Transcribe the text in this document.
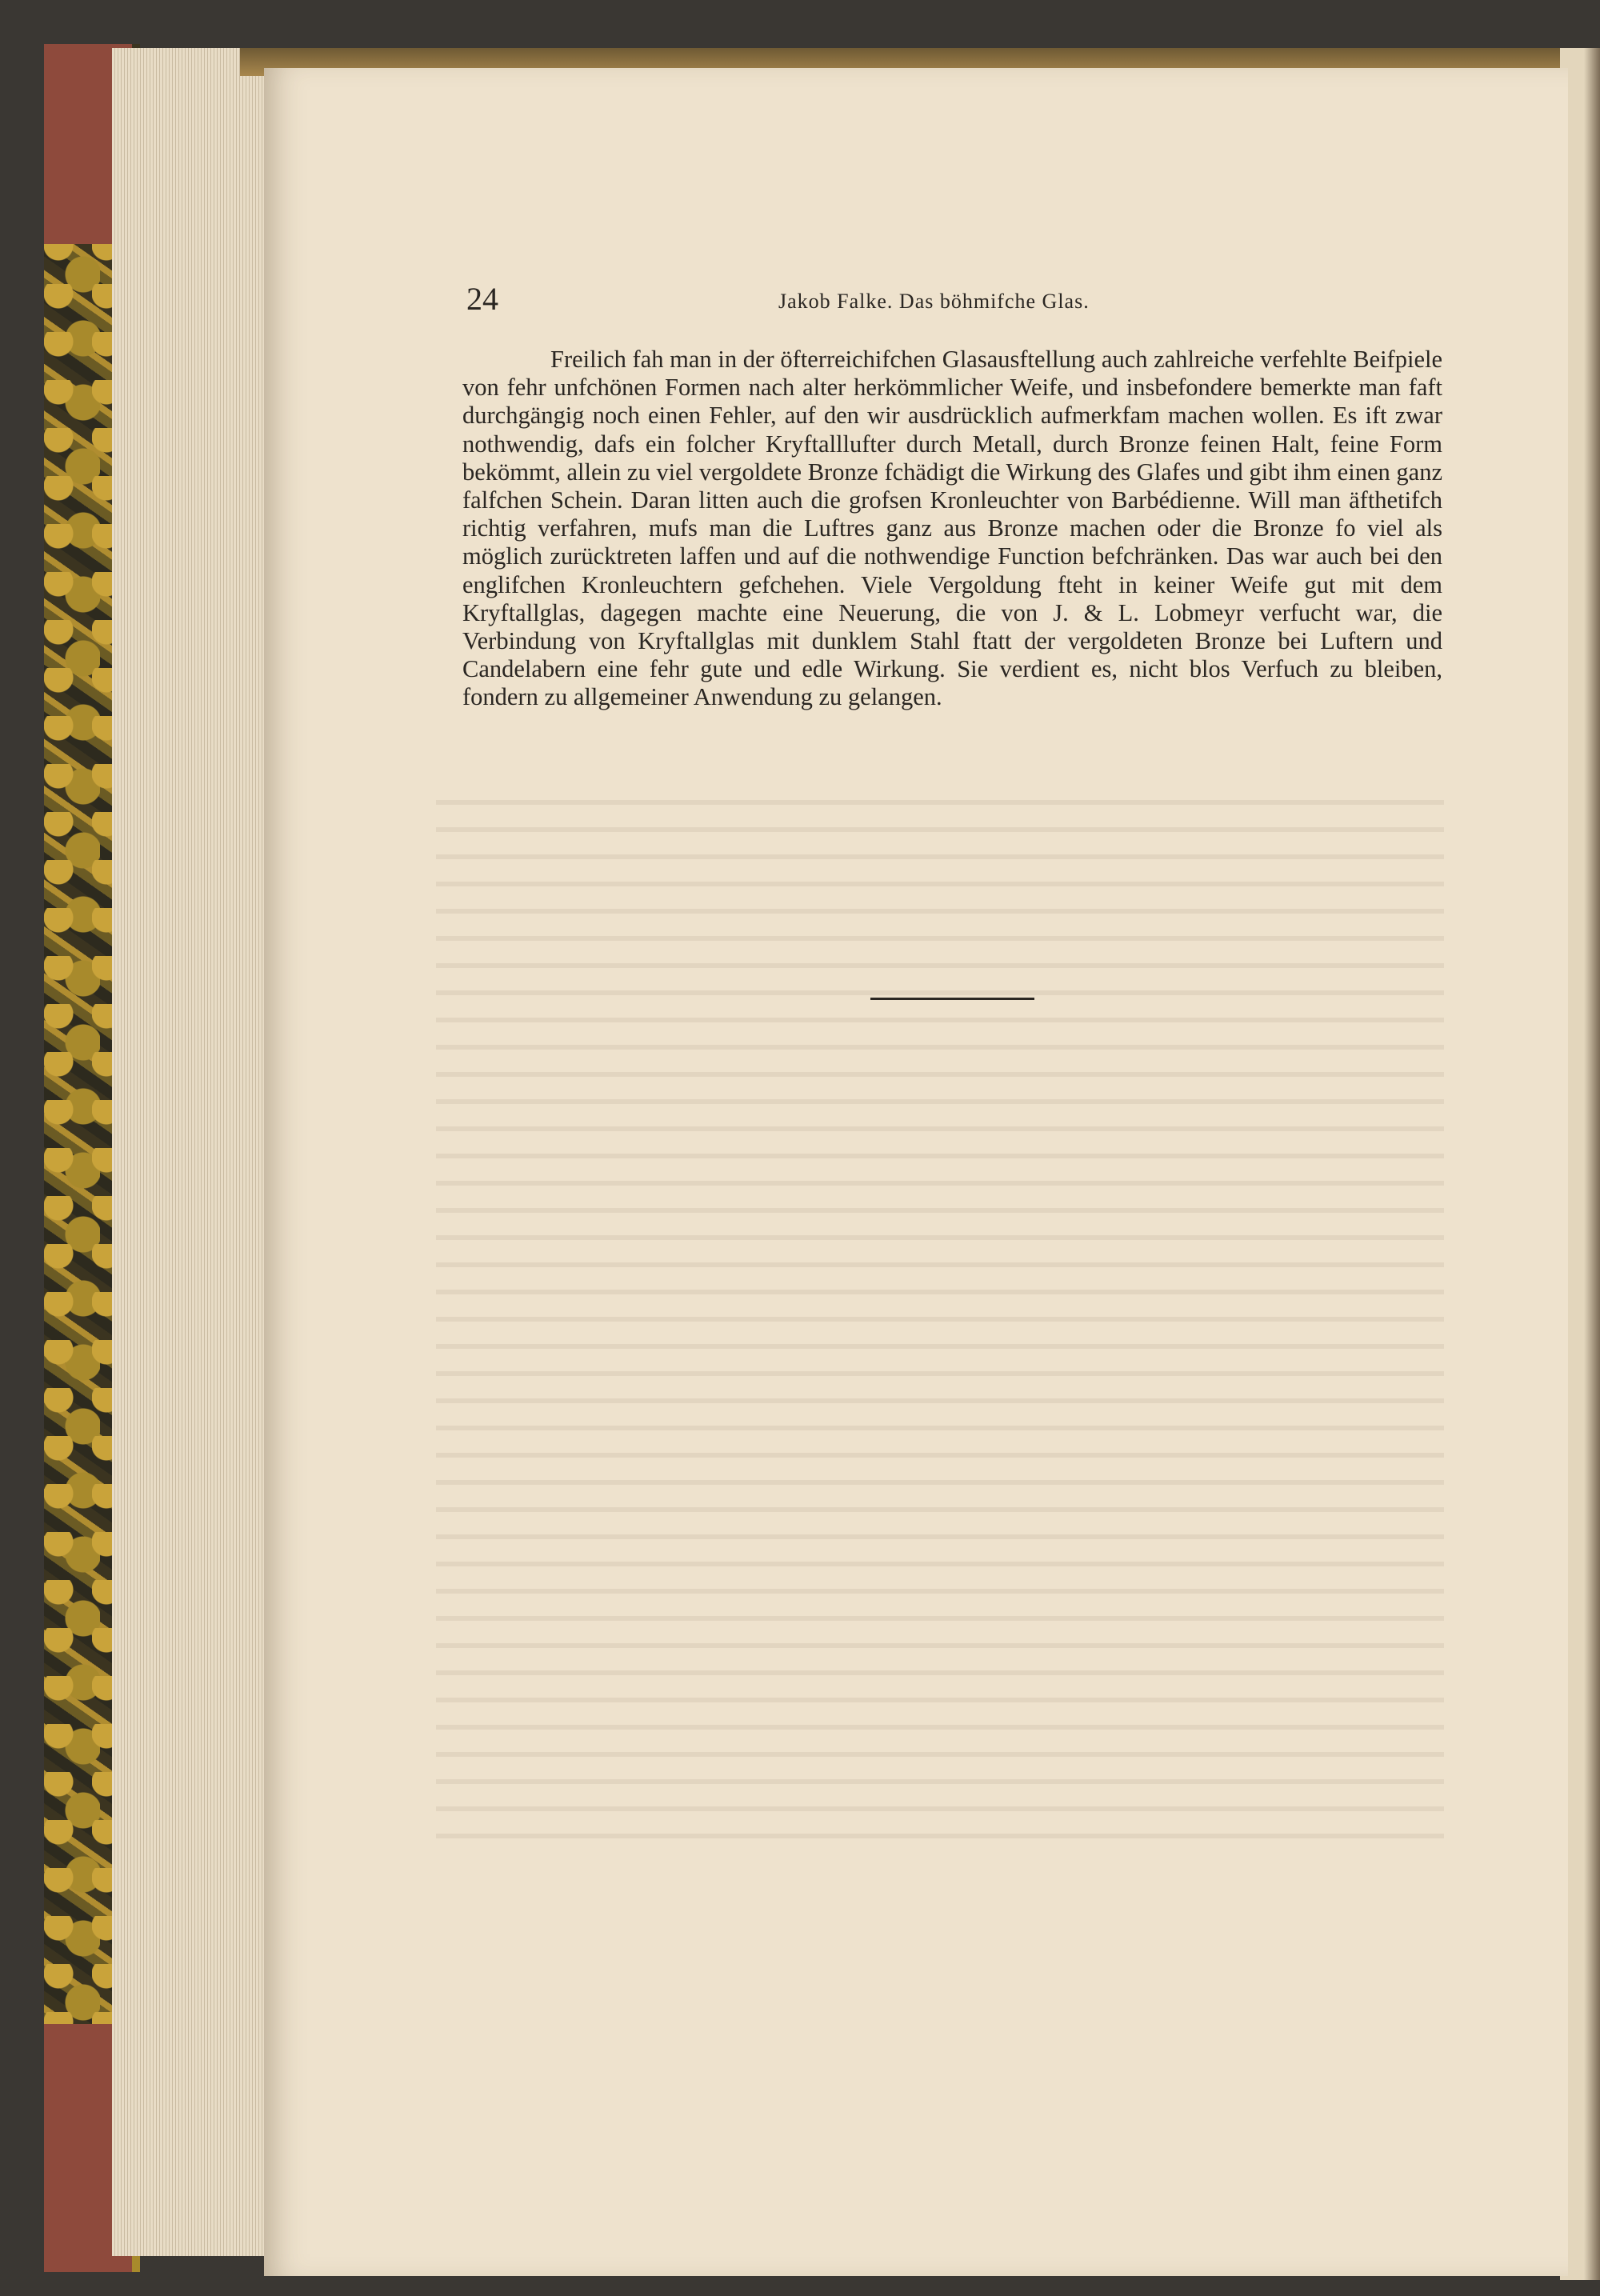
24	Jakob Falke. Das böhmifche Glas.

Freilich fah man in der öfterreichifchen Glasausftellung auch zahlreiche verfehlte Beifpiele von fehr unfchönen Formen nach alter herkömmlicher Weife, und insbefondere bemerkte man faft durchgängig noch einen Fehler, auf den wir ausdrücklich aufmerkfam machen wollen. Es ift zwar nothwendig, dafs ein folcher Kryftalllufter durch Metall, durch Bronze feinen Halt, feine Form bekömmt, allein zu viel vergoldete Bronze fchädigt die Wirkung des Glafes und gibt ihm einen ganz falfchen Schein. Daran litten auch die grofsen Kronleuchter von Barbédienne. Will man äfthetifch richtig verfahren, mufs man die Luftres ganz aus Bronze machen oder die Bronze fo viel als möglich zurücktreten laffen und auf die nothwendige Function befchränken. Das war auch bei den englifchen Kronleuchtern gefchehen. Viele Vergoldung fteht in keiner Weife gut mit dem Kryftallglas, dagegen machte eine Neuerung, die von J. & L. Lobmeyr verfucht war, die Verbindung von Kryftallglas mit dunklem Stahl ftatt der vergoldeten Bronze bei Luftern und Candelabern eine fehr gute und edle Wirkung. Sie verdient es, nicht blos Verfuch zu bleiben, fondern zu allgemeiner Anwendung zu gelangen.
